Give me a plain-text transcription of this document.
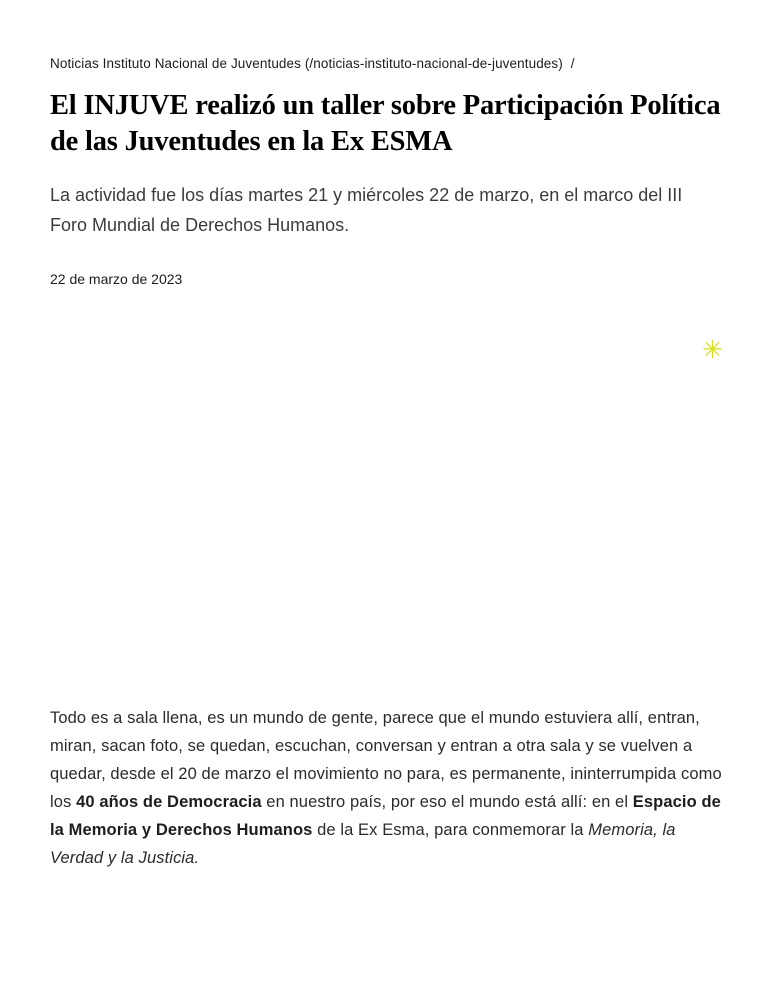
Noticias Instituto Nacional de Juventudes (/noticias-instituto-nacional-de-juventudes) /
El INJUVE realizó un taller sobre Participación Política de las Juventudes en la Ex ESMA

La actividad fue los días martes 21 y miércoles 22 de marzo, en el marco del III Foro Mundial de Derechos Humanos.

22 de marzo de 2023

✳

Todo es a sala llena, es un mundo de gente, parece que el mundo estuviera allí, entran, miran, sacan foto, se quedan, escuchan, conversan y entran a otra sala y se vuelven a quedar, desde el 20 de marzo el movimiento no para, es permanente, ininterrumpida como los 40 años de Democracia en nuestro país, por eso el mundo está allí: en el Espacio de la Memoria y Derechos Humanos de la Ex Esma, para conmemorar la Memoria, la Verdad y la Justicia.
